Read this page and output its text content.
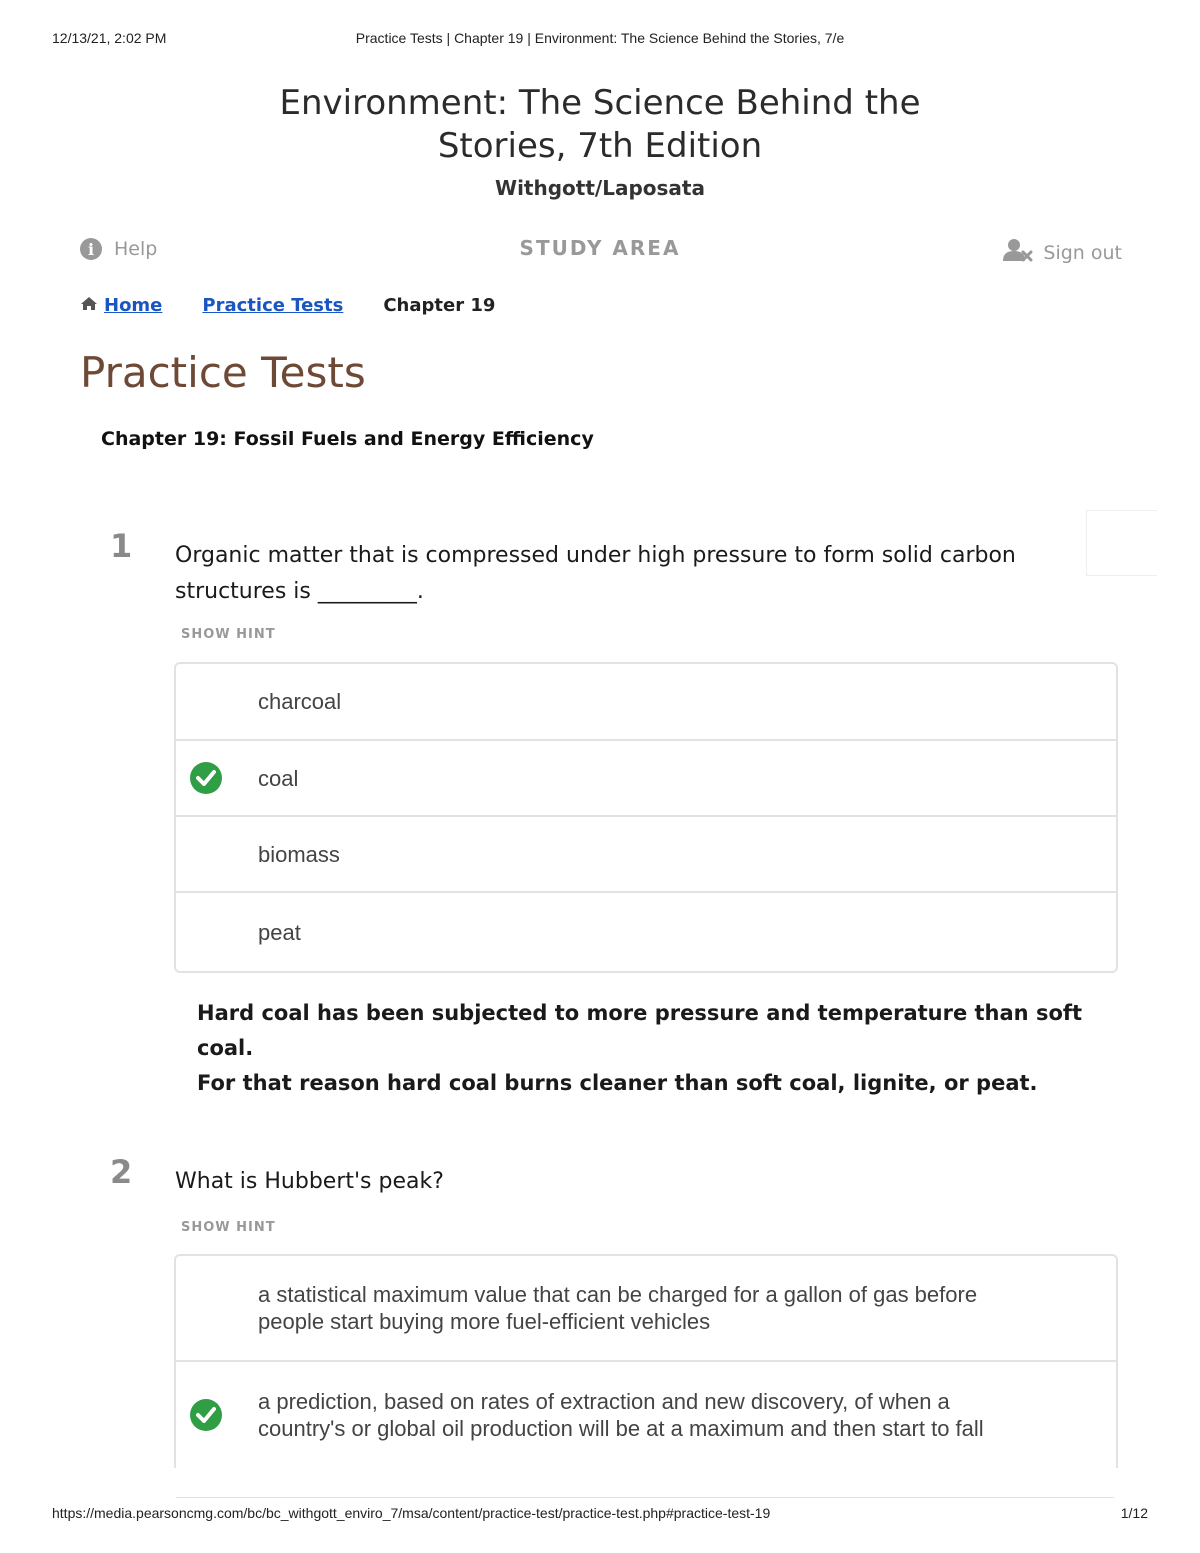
12/13/21, 2:02 PM	Practice Tests | Chapter 19 | Environment: The Science Behind the Stories, 7/e
Environment: The Science Behind the
Stories, 7th Edition
Withgott/Laposata
i	Help	STUDY AREA	Sign out
Home Practice Tests Chapter 19
Practice Tests
Chapter 19: Fossil Fuels and Energy Efficiency
1 Organic matter that is compressed under high pressure to form solid carbon
structures is _________.
SHOW HINT
charcoal
coal
biomass
peat
Hard coal has been subjected to more pressure and temperature than soft coal.
For that reason hard coal burns cleaner than soft coal, lignite, or peat.
2 What is Hubbert's peak?
SHOW HINT
a statistical maximum value that can be charged for a gallon of gas before
people start buying more fuel-efficient vehicles
a prediction, based on rates of extraction and new discovery, of when a
country's or global oil production will be at a maximum and then start to fall
https://media.pearsoncmg.com/bc/bc_withgott_enviro_7/msa/content/practice-test/practice-test.php#practice-test-19	1/12
